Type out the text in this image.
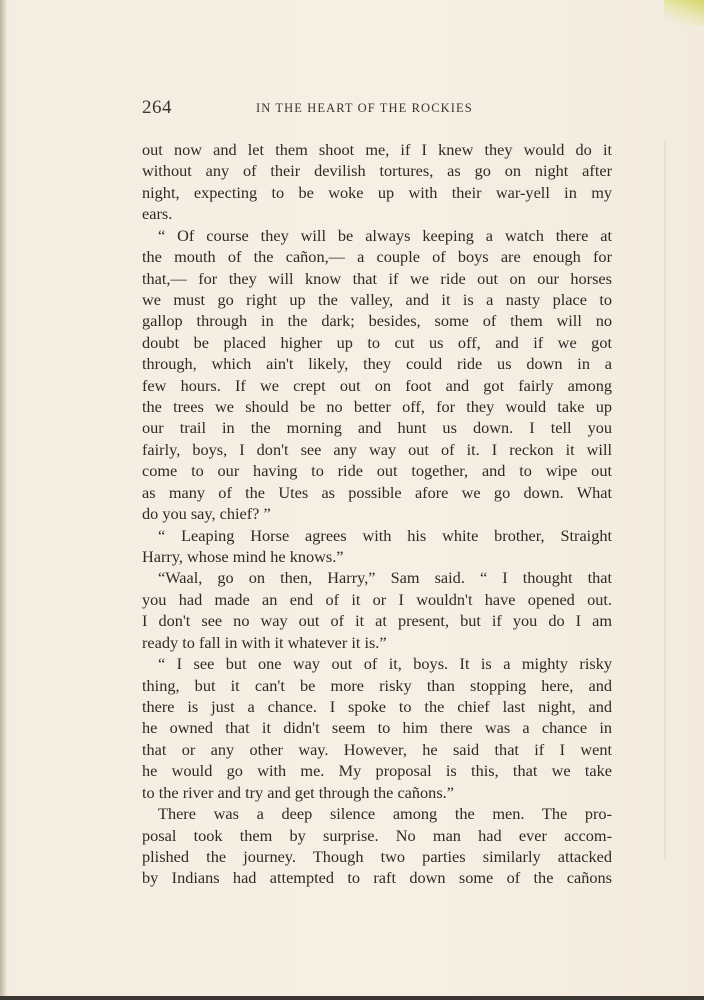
264	IN THE HEART OF THE ROCKIES
out now and let them shoot me, if I knew they would do it
without any of their devilish tortures, as go on night after
night, expecting to be woke up with their war-yell in my
ears.
“ Of course they will be always keeping a watch there at
the mouth of the cañon,— a couple of boys are enough for
that,— for they will know that if we ride out on our horses
we must go right up the valley, and it is a nasty place to
gallop through in the dark; besides, some of them will no
doubt be placed higher up to cut us off, and if we got
through, which ain't likely, they could ride us down in a
few hours. If we crept out on foot and got fairly among
the trees we should be no better off, for they would take up
our trail in the morning and hunt us down. I tell you
fairly, boys, I don't see any way out of it. I reckon it will
come to our having to ride out together, and to wipe out
as many of the Utes as possible afore we go down. What
do you say, chief? ”
“ Leaping Horse agrees with his white brother, Straight
Harry, whose mind he knows.”
“Waal, go on then, Harry,” Sam said. “ I thought that
you had made an end of it or I wouldn't have opened out.
I don't see no way out of it at present, but if you do I am
ready to fall in with it whatever it is.”
“ I see but one way out of it, boys. It is a mighty risky
thing, but it can't be more risky than stopping here, and
there is just a chance. I spoke to the chief last night, and
he owned that it didn't seem to him there was a chance in
that or any other way. However, he said that if I went
he would go with me. My proposal is this, that we take
to the river and try and get through the cañons.”
There was a deep silence among the men. The pro-
posal took them by surprise. No man had ever accom-
plished the journey. Though two parties similarly attacked
by Indians had attempted to raft down some of the cañons
